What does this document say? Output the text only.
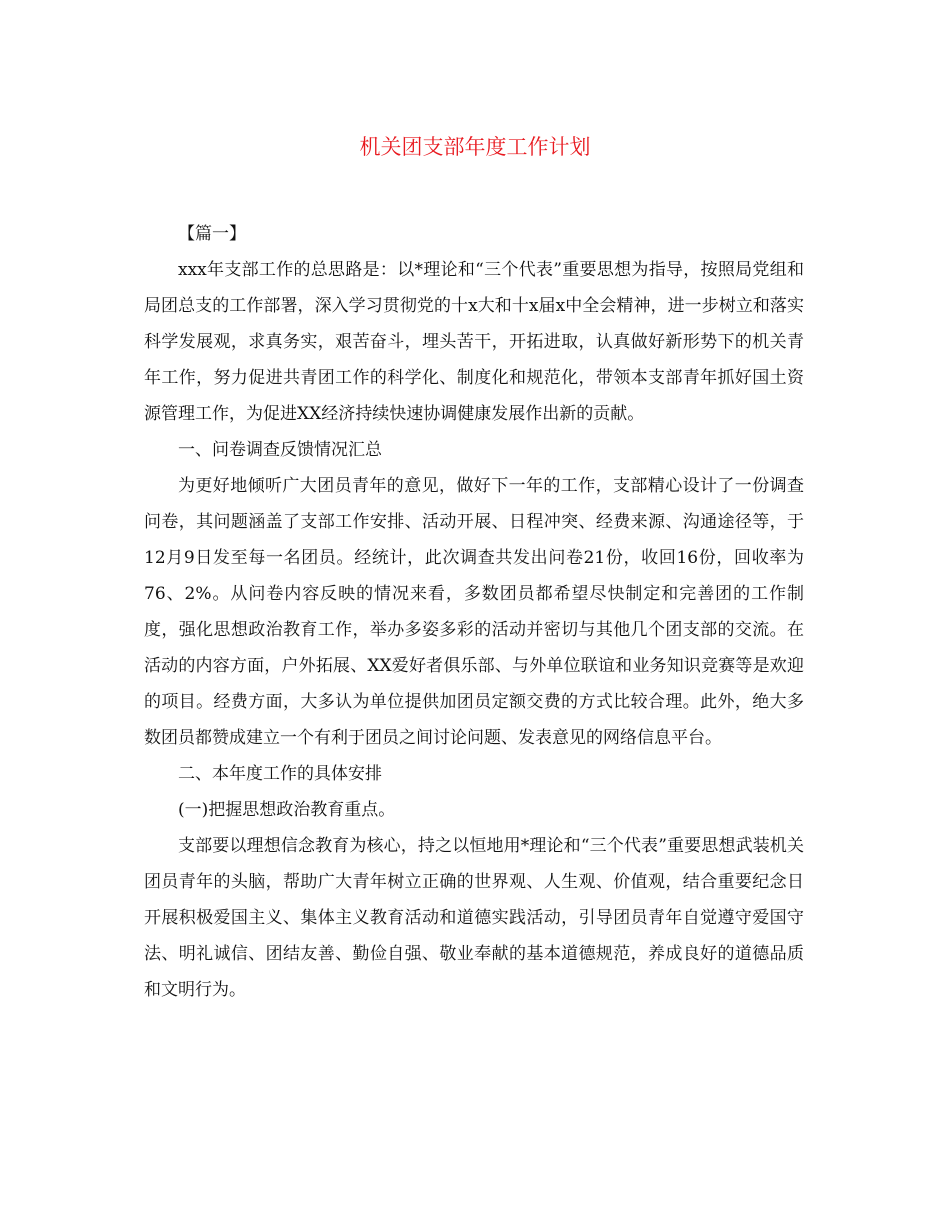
机关团支部年度工作计划

【篇一】

xxx年支部工作的总思路是：以*理论和“三个代表”重要思想为指导，按照局党组和局团总支的工作部署，深入学习贯彻党的十x大和十x届x中全会精神，进一步树立和落实科学发展观，求真务实，艰苦奋斗，埋头苦干，开拓进取，认真做好新形势下的机关青年工作，努力促进共青团工作的科学化、制度化和规范化，带领本支部青年抓好国土资源管理工作，为促进XX经济持续快速协调健康发展作出新的贡献。

一、问卷调查反馈情况汇总

为更好地倾听广大团员青年的意见，做好下一年的工作，支部精心设计了一份调查问卷，其问题涵盖了支部工作安排、活动开展、日程冲突、经费来源、沟通途径等，于12月9日发至每一名团员。经统计，此次调查共发出问卷21份，收回16份，回收率为76、2%。从问卷内容反映的情况来看，多数团员都希望尽快制定和完善团的工作制度，强化思想政治教育工作，举办多姿多彩的活动并密切与其他几个团支部的交流。在活动的内容方面，户外拓展、XX爱好者俱乐部、与外单位联谊和业务知识竞赛等是欢迎的项目。经费方面，大多认为单位提供加团员定额交费的方式比较合理。此外，绝大多数团员都赞成建立一个有利于团员之间讨论问题、发表意见的网络信息平台。

二、本年度工作的具体安排

(一)把握思想政治教育重点。

支部要以理想信念教育为核心，持之以恒地用*理论和“三个代表”重要思想武装机关团员青年的头脑，帮助广大青年树立正确的世界观、人生观、价值观，结合重要纪念日开展积极爱国主义、集体主义教育活动和道德实践活动，引导团员青年自觉遵守爱国守法、明礼诚信、团结友善、勤俭自强、敬业奉献的基本道德规范，养成良好的道德品质和文明行为。
